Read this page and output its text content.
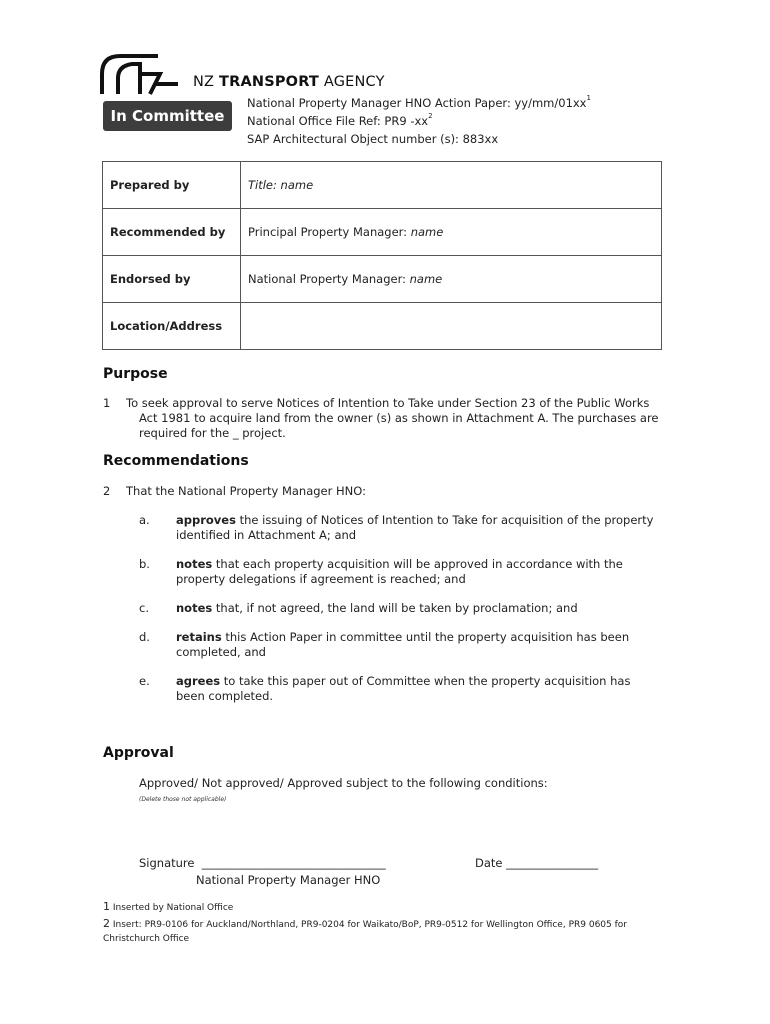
NZ TRANSPORT AGENCY
In Committee
National Property Manager HNO Action Paper: $yy/mm/01xx^1$
National Office File Ref: PR9 $-xx^2$
SAP Architectural Object number (s): 883xx
Prepared by	Title: name
Recommended by	Principal Property Manager: name
Endorsed by	National Property Manager: name
Location/Address	
Purpose
1 To seek approval to serve Notices of Intention to Take under Section 23 of the Public Works
Act 1981 to acquire land from the owner (s) as shown in Attachment A. The purchases are
required for the _ project.
Recommendations
2 That the National Property Manager HNO:
a. approves the issuing of Notices of Intention to Take for acquisition of the property
identified in Attachment A; and
b. notes that each property acquisition will be approved in accordance with the
property delegations if agreement is reached; and
c. notes that, if not agreed, the land will be taken by proclamation; and
d. retains this Action Paper in committee until the property acquisition has been
completed, and
e. agrees to take this paper out of Committee when the property acquisition has
been completed.
Approval
Approved/ Not approved/ Approved subject to the following conditions:
(Delete those not applicable)
Signature  ________________________________	Date ________________
National Property Manager HNO
1 Inserted by National Office
2 Insert: PR9-0106 for Auckland/Northland, PR9-0204 for Waikato/BoP, PR9-0512 for Wellington Office, PR9 0605 for
Christchurch Office
